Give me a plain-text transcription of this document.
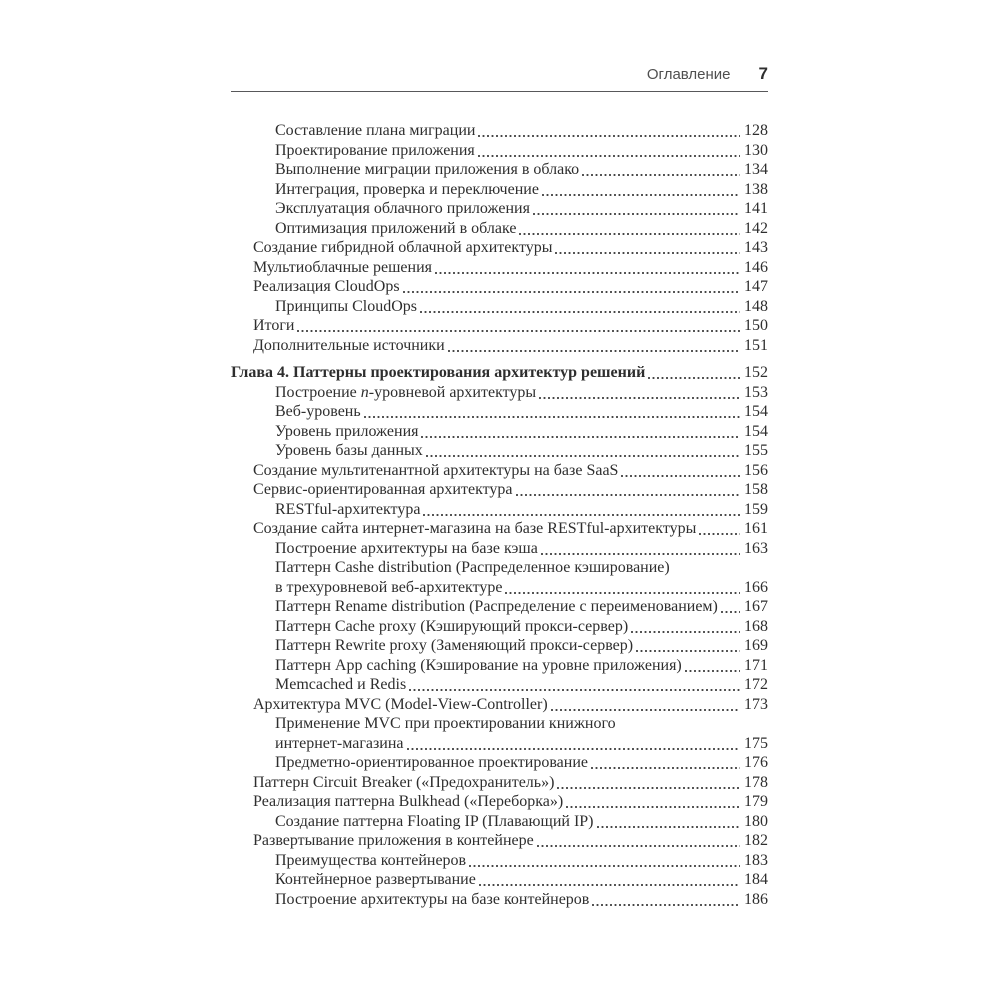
Оглавление 7
Составление плана миграции	128
Проектирование приложения	130
Выполнение миграции приложения в облако	134
Интеграция, проверка и переключение	138
Эксплуатация облачного приложения	141
Оптимизация приложений в облаке	142
Создание гибридной облачной архитектуры	143
Мультиоблачные решения	146
Реализация CloudOps	147
Принципы CloudOps	148
Итоги	150
Дополнительные источники	151
Глава 4. Паттерны проектирования архитектур решений	152
Построение n-уровневой архитектуры	153
Веб-уровень	154
Уровень приложения	154
Уровень базы данных	155
Создание мультитенантной архитектуры на базе SaaS	156
Сервис-ориентированная архитектура	158
RESTful-архитектура	159
Создание сайта интернет-магазина на базе RESTful-архитектуры	161
Построение архитектуры на базе кэша	163
Паттерн Cashe distribution (Распределенное кэширование)
в трехуровневой веб-архитектуре	166
Паттерн Rename distribution (Распределение с переименованием) 167
Паттерн Cache proxy (Кэширующий прокси-сервер)	168
Паттерн Rewrite proxy (Заменяющий прокси-сервер)	169
Паттерн App caching (Кэширование на уровне приложения)	171
Memcached и Redis	172
Архитектура MVC (Model-View-Controller)	173
Применение MVC при проектировании книжного
интернет-магазина	175
Предметно-ориентированное проектирование	176
Паттерн Circuit Breaker («Предохранитель»)	178
Реализация паттерна Bulkhead («Переборка»)	179
Создание паттерна Floating IP (Плавающий IP)	180
Развертывание приложения в контейнере	182
Преимущества контейнеров	183
Контейнерное развертывание	184
Построение архитектуры на базе контейнеров	186
